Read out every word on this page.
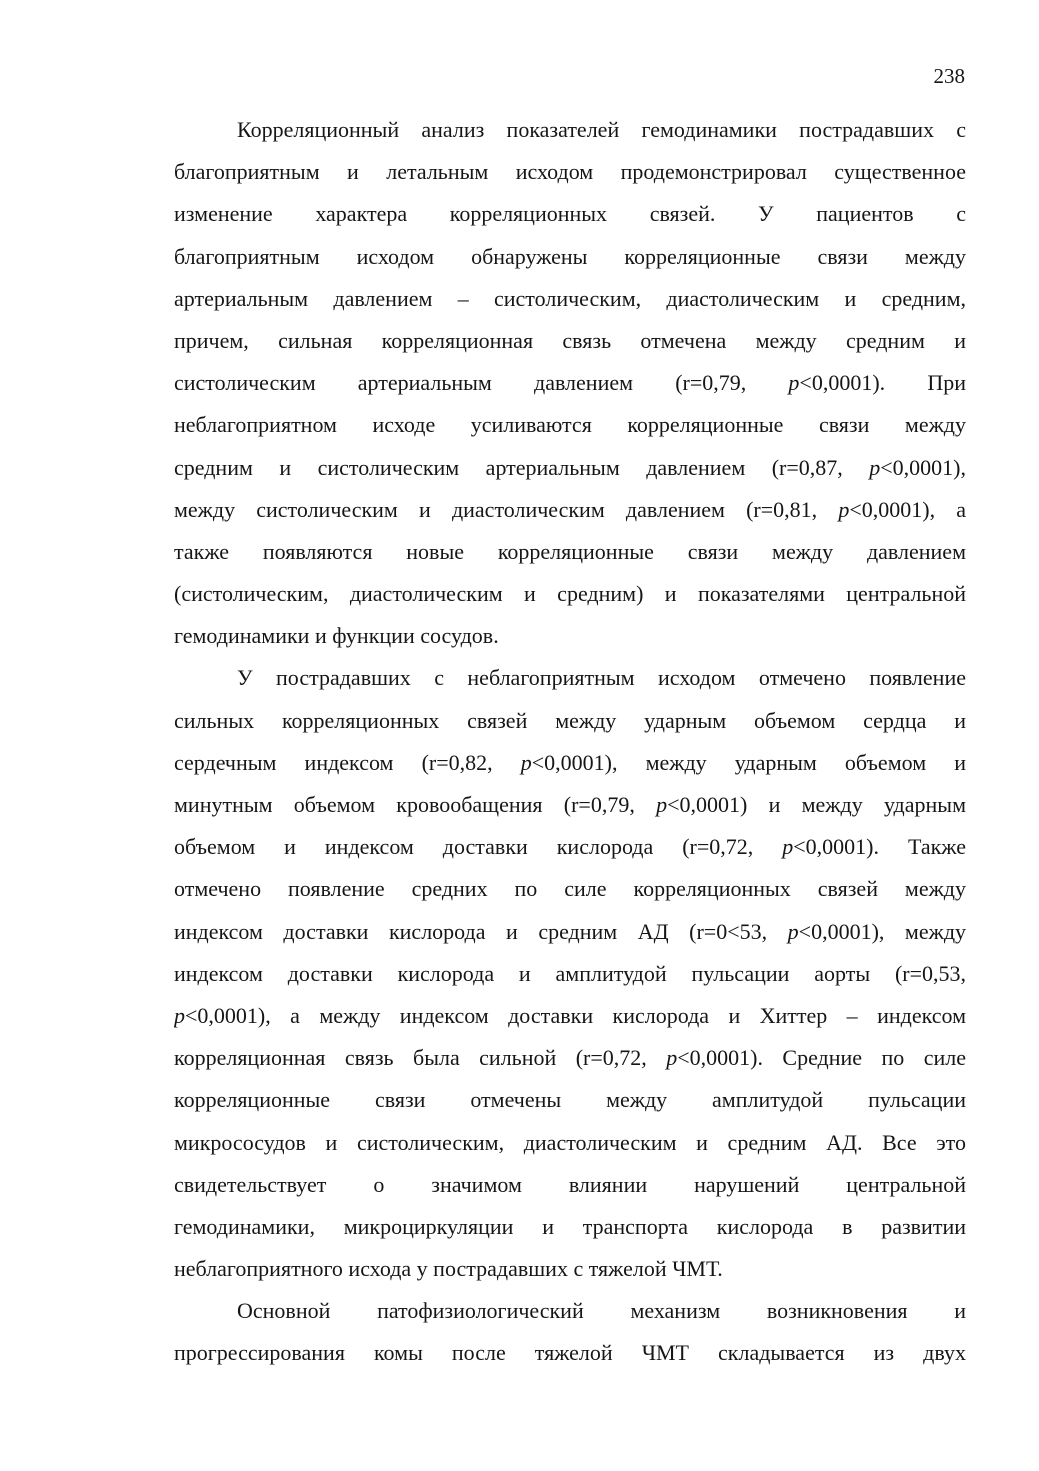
238
Корреляционный анализ показателей гемодинамики пострадавших с
благоприятным и летальным исходом продемонстрировал существенное
изменение характера корреляционных связей. У пациентов с
благоприятным исходом обнаружены корреляционные связи между
артериальным давлением – систолическим, диастолическим и средним,
причем, сильная корреляционная связь отмечена между средним и
систолическим артериальным давлением (r=0,79, p<0,0001). При
неблагоприятном исходе усиливаются корреляционные связи между
средним и систолическим артериальным давлением (r=0,87, p<0,0001),
между систолическим и диастолическим давлением (r=0,81, p<0,0001), а
также появляются новые корреляционные связи между давлением
(систолическим, диастолическим и средним) и показателями центральной
гемодинамики и функции сосудов.
У пострадавших с неблагоприятным исходом отмечено появление
сильных корреляционных связей между ударным объемом сердца и
сердечным индексом (r=0,82, p<0,0001), между ударным объемом и
минутным объемом кровообащения (r=0,79, p<0,0001) и между ударным
объемом и индексом доставки кислорода (r=0,72, p<0,0001). Также
отмечено появление средних по силе корреляционных связей между
индексом доставки кислорода и средним АД (r=0<53, p<0,0001), между
индексом доставки кислорода и амплитудой пульсации аорты (r=0,53,
p<0,0001), а между индексом доставки кислорода и Хиттер – индексом
корреляционная связь была сильной (r=0,72, p<0,0001). Средние по силе
корреляционные связи отмечены между амплитудой пульсации
микрососудов и систолическим, диастолическим и средним АД. Все это
свидетельствует о значимом влиянии нарушений центральной
гемодинамики, микроциркуляции и транспорта кислорода в развитии
неблагоприятного исхода у пострадавших с тяжелой ЧМТ.
Основной патофизиологический механизм возникновения и
прогрессирования комы после тяжелой ЧМТ складывается из двух
